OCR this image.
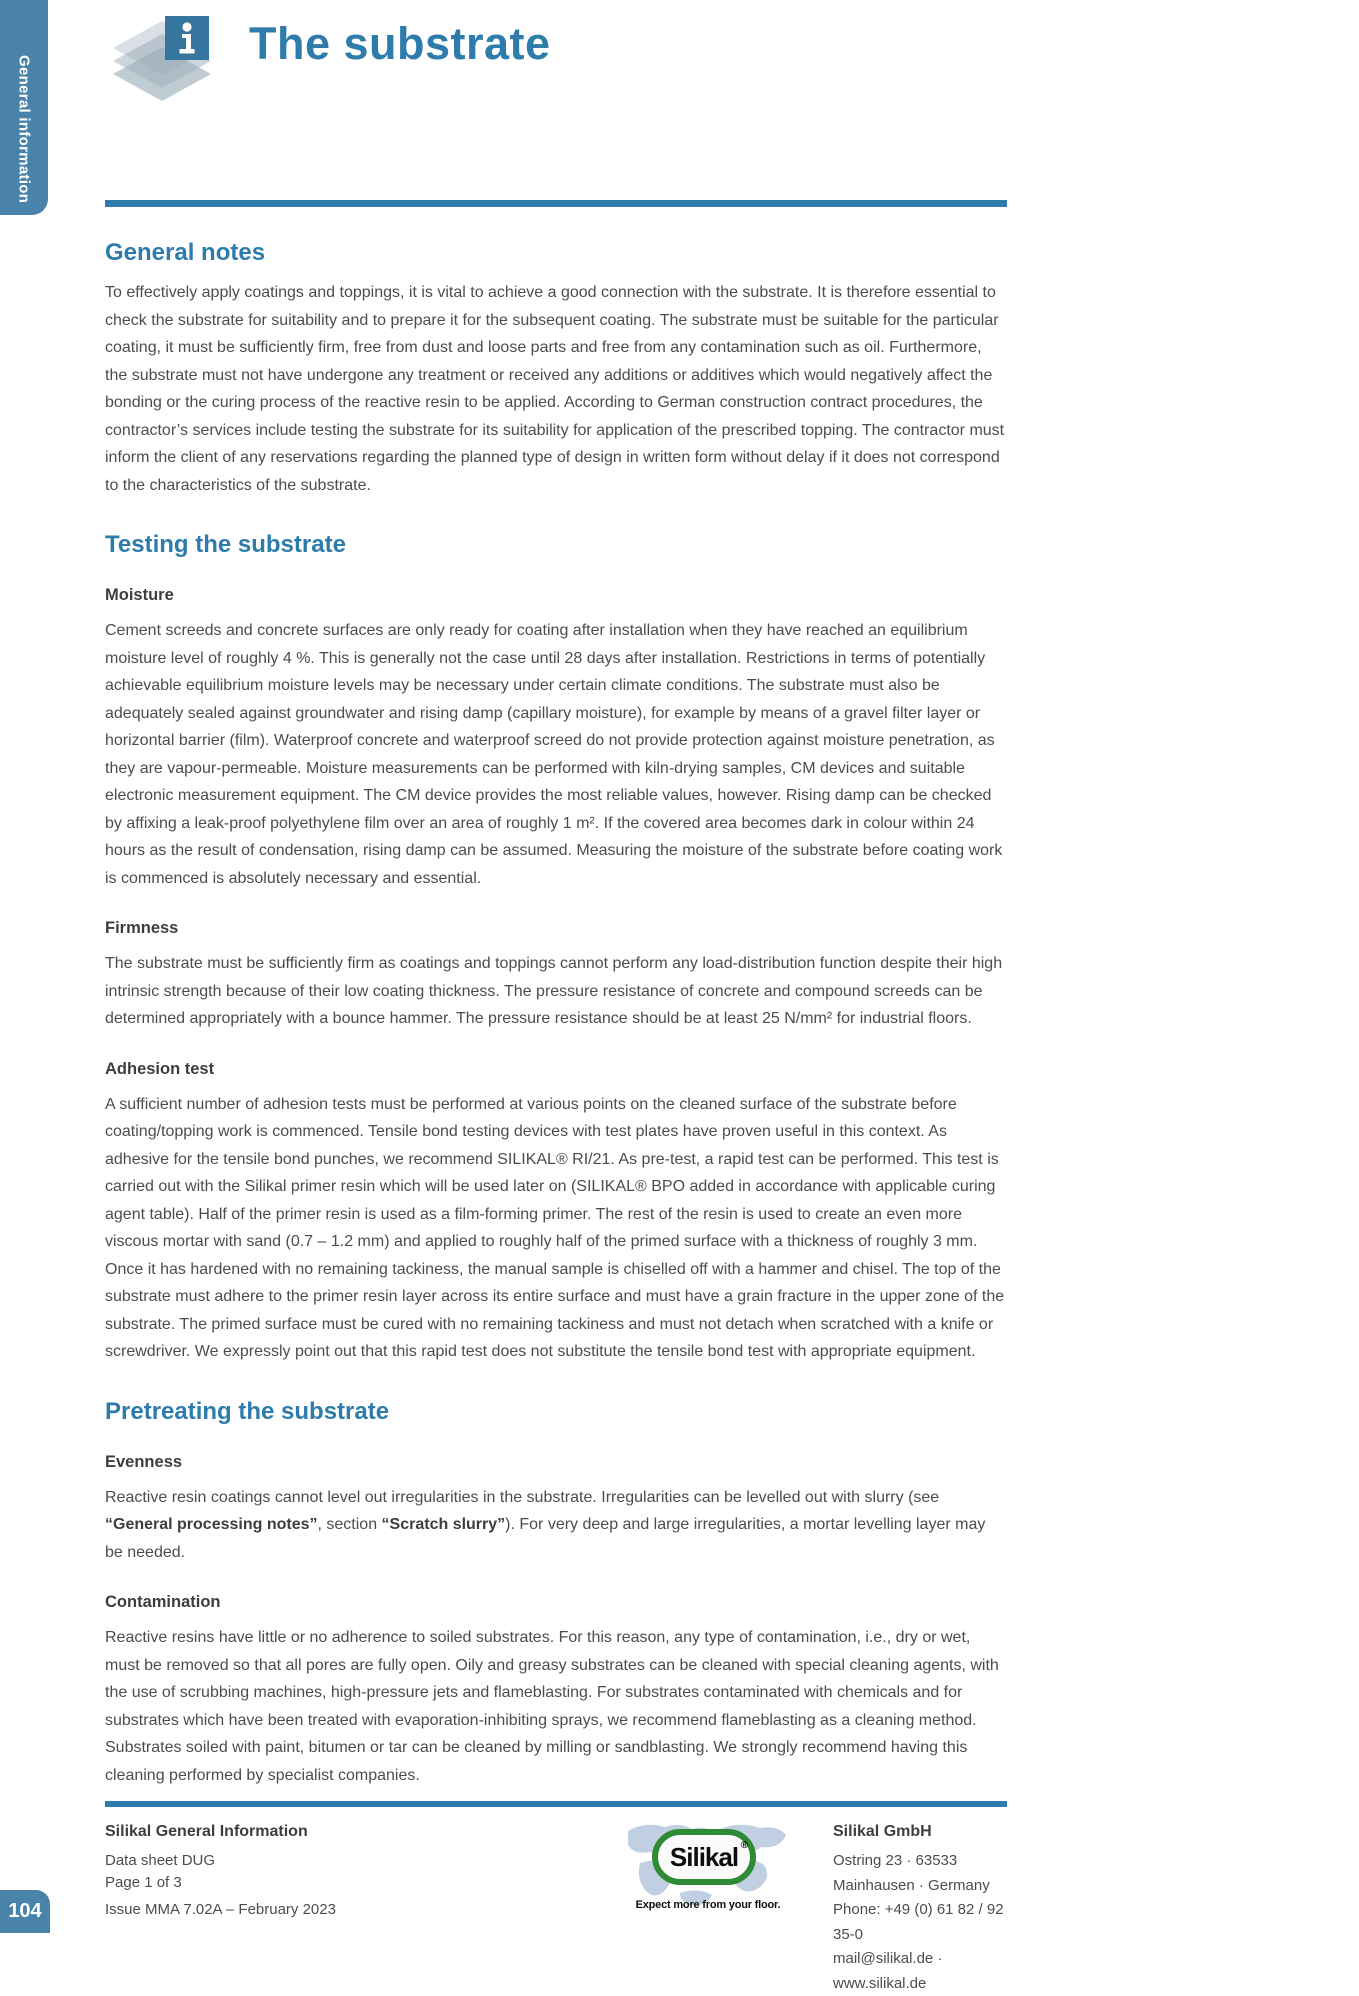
General information
The substrate
General notes

To effectively apply coatings and toppings, it is vital to achieve a good connection with the substrate. It is therefore essential to check the substrate for suitability and to prepare it for the subsequent coating. The substrate must be suitable for the particular coating, it must be sufficiently firm, free from dust and loose parts and free from any contamination such as oil. Furthermore, the substrate must not have undergone any treatment or received any additions or additives which would negatively affect the bonding or the curing process of the reactive resin to be applied. According to German construction contract procedures, the contractor’s services include testing the substrate for its suitability for application of the prescribed topping. The contractor must inform the client of any reservations regarding the planned type of design in written form without delay if it does not correspond to the characteristics of the substrate.

Testing the substrate
Moisture

Cement screeds and concrete surfaces are only ready for coating after installation when they have reached an equilibrium moisture level of roughly 4 %. This is generally not the case until 28 days after installation. Restrictions in terms of potentially achievable equilibrium moisture levels may be necessary under certain climate conditions. The substrate must also be adequately sealed against groundwater and rising damp (capillary moisture), for example by means of a gravel filter layer or horizontal barrier (film). Waterproof concrete and waterproof screed do not provide protection against moisture penetration, as they are vapour-permeable. Moisture measurements can be performed with kiln-drying samples, CM devices and suitable electronic measurement equipment. The CM device provides the most reliable values, however. Rising damp can be checked by affixing a leak-proof polyethylene film over an area of roughly 1 m². If the covered area becomes dark in colour within 24 hours as the result of condensation, rising damp can be assumed. Measuring the moisture of the substrate before coating work is commenced is absolutely necessary and essential.

Firmness

The substrate must be sufficiently firm as coatings and toppings cannot perform any load-distribution function despite their high intrinsic strength because of their low coating thickness. The pressure resistance of concrete and compound screeds can be determined appropriately with a bounce hammer. The pressure resistance should be at least 25 N/mm² for industrial floors.

Adhesion test

A sufficient number of adhesion tests must be performed at various points on the cleaned surface of the substrate before coating/topping work is commenced. Tensile bond testing devices with test plates have proven useful in this context. As adhesive for the tensile bond punches, we recommend SILIKAL® RI/21. As pre-test, a rapid test can be performed. This test is carried out with the Silikal primer resin which will be used later on (SILIKAL® BPO added in accordance with applicable curing agent table). Half of the primer resin is used as a film-forming primer. The rest of the resin is used to create an even more viscous mortar with sand (0.7 – 1.2 mm) and applied to roughly half of the primed surface with a thickness of roughly 3 mm. Once it has hardened with no remaining tackiness, the manual sample is chiselled off with a hammer and chisel. The top of the substrate must adhere to the primer resin layer across its entire surface and must have a grain fracture in the upper zone of the substrate. The primed surface must be cured with no remaining tackiness and must not detach when scratched with a knife or screwdriver. We expressly point out that this rapid test does not substitute the tensile bond test with appropriate equipment.

Pretreating the substrate
Evenness

Reactive resin coatings cannot level out irregularities in the substrate. Irregularities can be levelled out with slurry (see “General processing notes”, section “Scratch slurry”). For very deep and large irregularities, a mortar levelling layer may be needed.

Contamination

Reactive resins have little or no adherence to soiled substrates. For this reason, any type of contamination, i.e., dry or wet, must be removed so that all pores are fully open. Oily and greasy substrates can be cleaned with special cleaning agents, with the use of scrubbing machines, high-pressure jets and flameblasting. For substrates contaminated with chemicals and for substrates which have been treated with evaporation-inhibiting sprays, we recommend flameblasting as a cleaning method. Substrates soiled with paint, bitumen or tar can be cleaned by milling or sandblasting. We strongly recommend having this cleaning performed by specialist companies.

Silikal General Information
Data sheet DUG
Page 1 of 3
Issue MMA 7.02A – February 2023
Silikal ®
Expect more from your floor.
Silikal GmbH
Ostring 23 · 63533 Mainhausen · Germany
Phone: +49 (0) 61 82 / 92 35-0
mail@silikal.de · www.silikal.de
104
